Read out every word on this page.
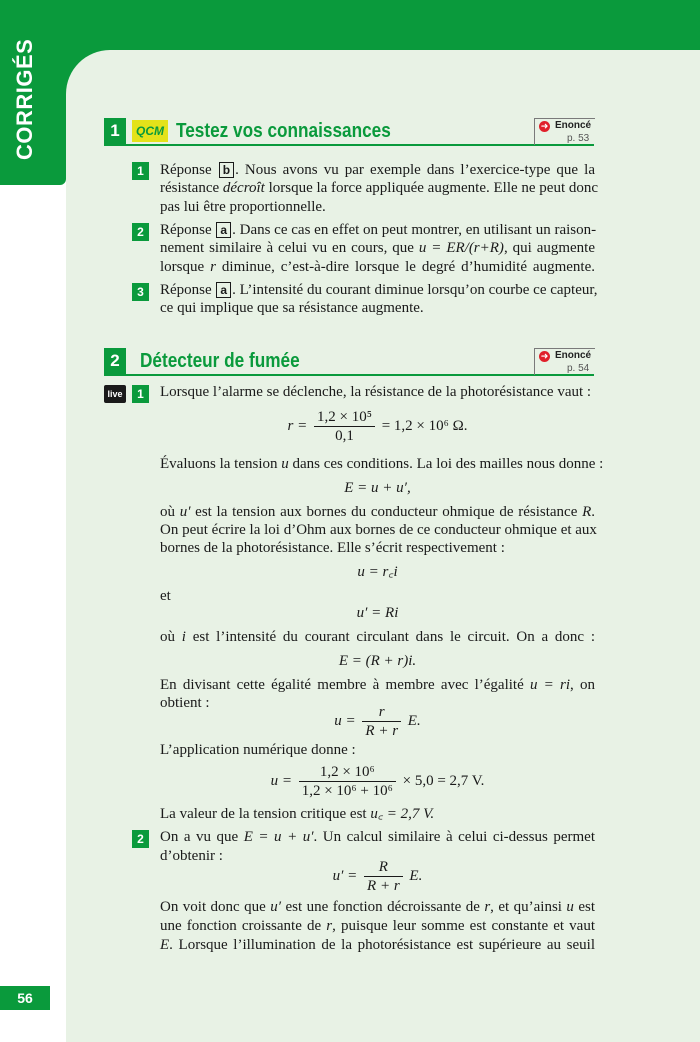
CORRIGÉS	1	QCM Testez vos connaissances	➜ Enoncé
p. 53
1	Réponse b . Nous avons vu par exemple dans l’exercice-type que la
résistance décroît lorsque la force appliquée augmente. Elle ne peut donc
pas lui être proportionnelle.
2	Réponse a . Dans ce cas en effet on peut montrer, en utilisant un raison-
nement similaire à celui vu en cours, que u = ER/(r+R), qui augmente
lorsque r diminue, c’est-à-dire lorsque le degré d’humidité augmente.
3	Réponse a . L’intensité du courant diminue lorsqu’on courbe ce capteur,
ce qui implique que sa résistance augmente.
2	Détecteur de fumée	➜ Enoncé
p. 54
live	1	Lorsque l’alarme se déclenche, la résistance de la photorésistance vaut :
$r = \frac{\text{1,2 × 10⁵}}{0,1} = 1,2 \times 10^6$ Ω.
Évaluons la tension u dans ces conditions. La loi des mailles nous donne :
E = u + u′,
où u′ est la tension aux bornes du conducteur ohmique de résistance R.
On peut écrire la loi d’Ohm aux bornes de ce conducteur ohmique et aux
bornes de la photorésistance. Elle s’écrit respectivement :
u = r꜀i
et
u′ = Ri
où i est l’intensité du courant circulant dans le circuit. On a donc :
E = (R + r)i.
En divisant cette égalité membre à membre avec l’égalité u = ri, on
obtient :
$u = \frac{r}{R + r} E$.
L’application numérique donne :
$u = \frac{\text{1,2 × 10⁶}}{\text{1,2 × 10⁶ + 10⁶}} \times 5,0 = 2,7$ V.
La valeur de la tension critique est u꜀ = 2,7 V.
2	On a vu que E = u + u′. Un calcul similaire à celui ci-dessus permet
d’obtenir :
$u' = \frac{R}{R + r} E$.
On voit donc que u′ est une fonction décroissante de r, et qu’ainsi u est
une fonction croissante de r, puisque leur somme est constante et vaut
E. Lorsque l’illumination de la photorésistance est supérieure au seuil
56
